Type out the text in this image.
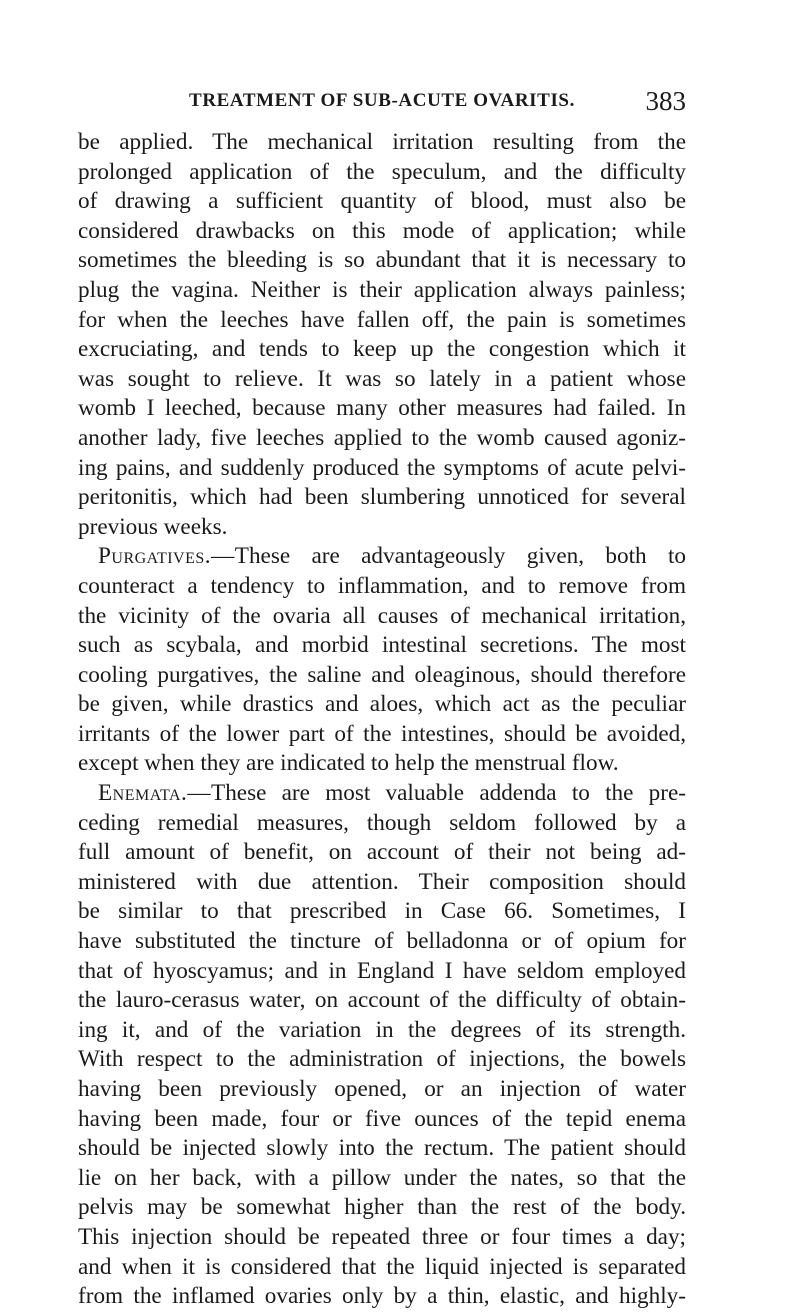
TREATMENT OF SUB-ACUTE OVARITIS.	383
be applied. The mechanical irritation resulting from the
prolonged application of the speculum, and the difficulty
of drawing a sufficient quantity of blood, must also be
considered drawbacks on this mode of application; while
sometimes the bleeding is so abundant that it is necessary to
plug the vagina. Neither is their application always painless;
for when the leeches have fallen off, the pain is sometimes
excruciating, and tends to keep up the congestion which it
was sought to relieve. It was so lately in a patient whose
womb I leeched, because many other measures had failed. In
another lady, five leeches applied to the womb caused agoniz-
ing pains, and suddenly produced the symptoms of acute pelvi-
peritonitis, which had been slumbering unnoticed for several
previous weeks.
Purgatives.—These are advantageously given, both to
counteract a tendency to inflammation, and to remove from
the vicinity of the ovaria all causes of mechanical irritation,
such as scybala, and morbid intestinal secretions. The most
cooling purgatives, the saline and oleaginous, should therefore
be given, while drastics and aloes, which act as the peculiar
irritants of the lower part of the intestines, should be avoided,
except when they are indicated to help the menstrual flow.
Enemata.—These are most valuable addenda to the pre-
ceding remedial measures, though seldom followed by a
full amount of benefit, on account of their not being ad-
ministered with due attention. Their composition should
be similar to that prescribed in Case 66. Sometimes, I
have substituted the tincture of belladonna or of opium for
that of hyoscyamus; and in England I have seldom employed
the lauro-cerasus water, on account of the difficulty of obtain-
ing it, and of the variation in the degrees of its strength.
With respect to the administration of injections, the bowels
having been previously opened, or an injection of water
having been made, four or five ounces of the tepid enema
should be injected slowly into the rectum. The patient should
lie on her back, with a pillow under the nates, so that the
pelvis may be somewhat higher than the rest of the body.
This injection should be repeated three or four times a day;
and when it is considered that the liquid injected is separated
from the inflamed ovaries only by a thin, elastic, and highly-
